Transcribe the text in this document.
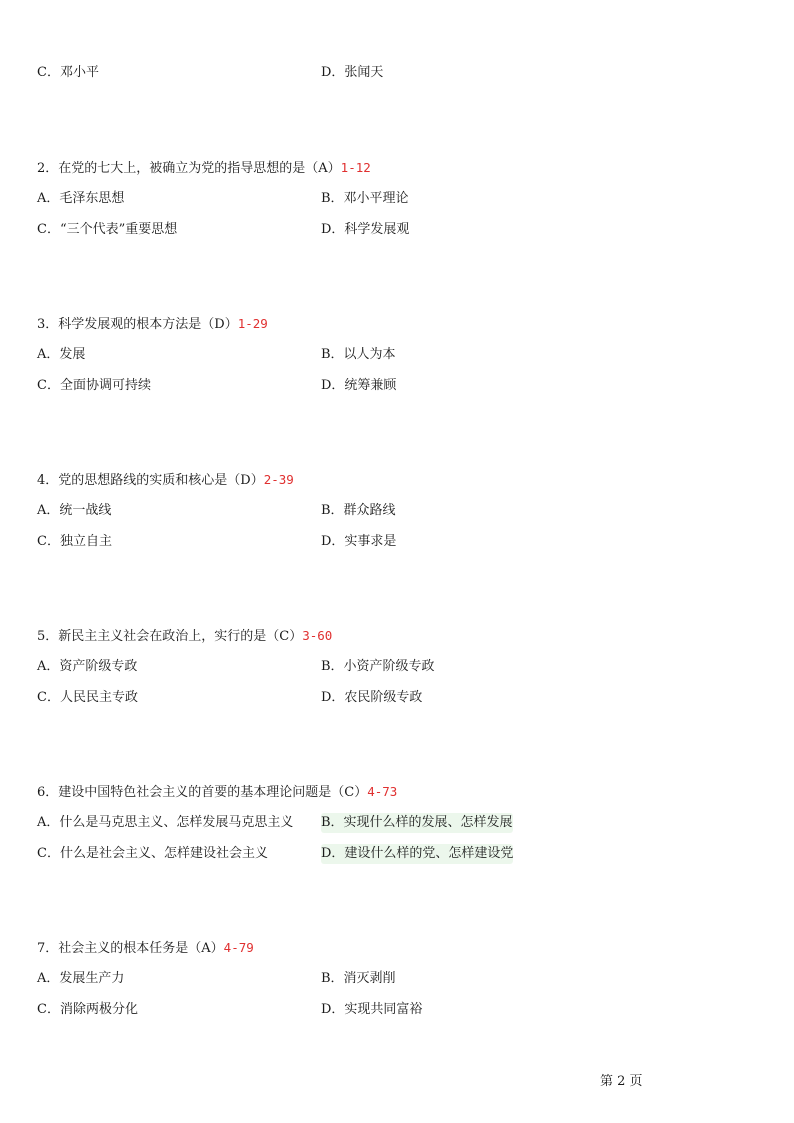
C．邓小平	D．张闻天
2．在党的七大上，被确立为党的指导思想的是（A）1-12
A．毛泽东思想	B．邓小平理论
C．“三个代表”重要思想	D．科学发展观
3．科学发展观的根本方法是（D）1-29
A．发展	B．以人为本
C．全面协调可持续	D．统筹兼顾
4．党的思想路线的实质和核心是（D）2-39
A．统一战线	B．群众路线
C．独立自主	D．实事求是
5．新民主主义社会在政治上，实行的是（C）3-60
A．资产阶级专政	B．小资产阶级专政
C．人民民主专政	D．农民阶级专政
6．建设中国特色社会主义的首要的基本理论问题是（C）4-73
A．什么是马克思主义、怎样发展马克思主义 B．实现什么样的发展、怎样发展
C．什么是社会主义、怎样建设社会主义	D．建设什么样的党、怎样建设党
7．社会主义的根本任务是（A）4-79
A．发展生产力	B．消灭剥削
C．消除两极分化	D．实现共同富裕
第 2 页
